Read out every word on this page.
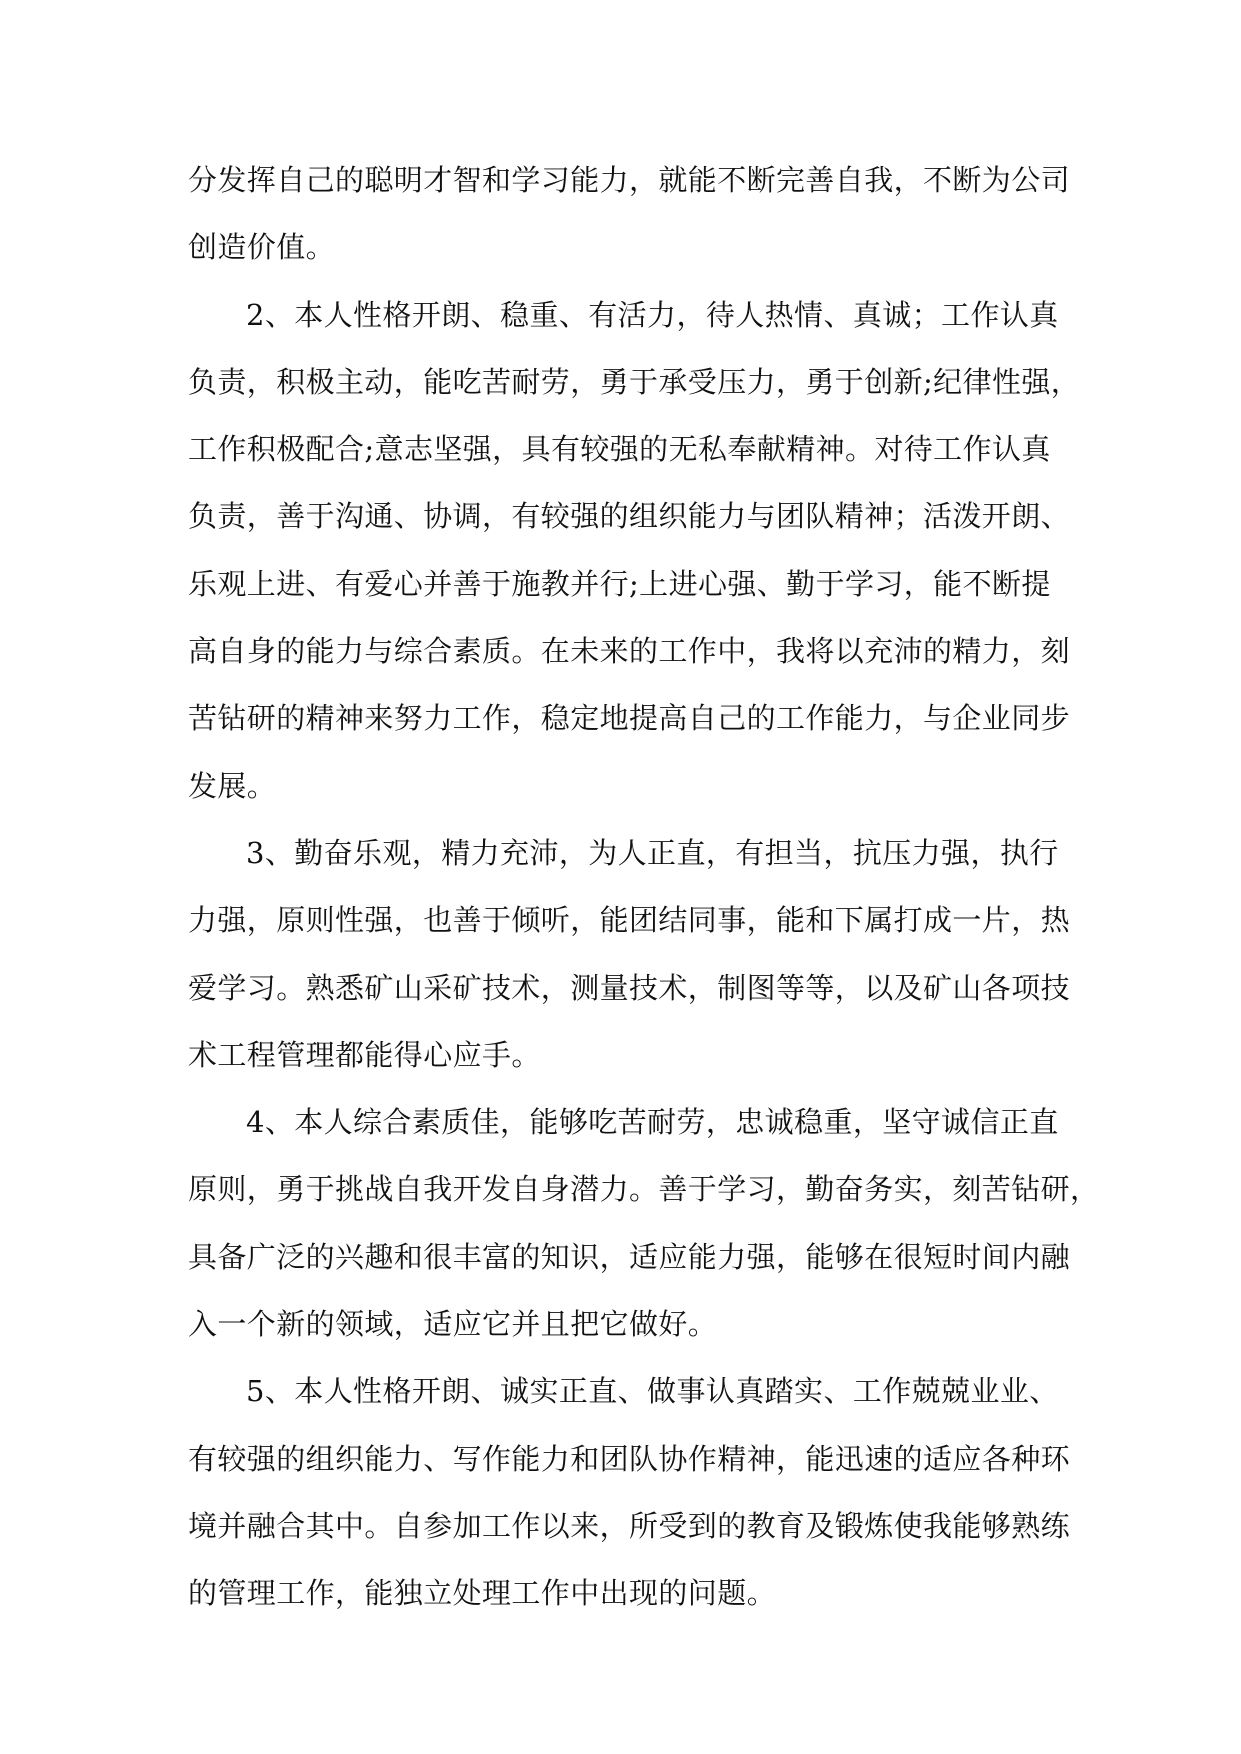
分发挥自己的聪明才智和学习能力，就能不断完善自我，不断为公司
创造价值。
2、本人性格开朗、稳重、有活力，待人热情、真诚；工作认真
负责，积极主动，能吃苦耐劳，勇于承受压力，勇于创新;纪律性强，
工作积极配合;意志坚强，具有较强的无私奉献精神。对待工作认真
负责，善于沟通、协调，有较强的组织能力与团队精神；活泼开朗、
乐观上进、有爱心并善于施教并行;上进心强、勤于学习，能不断提
高自身的能力与综合素质。在未来的工作中，我将以充沛的精力，刻
苦钻研的精神来努力工作，稳定地提高自己的工作能力，与企业同步
发展。
3、勤奋乐观，精力充沛，为人正直，有担当，抗压力强，执行
力强，原则性强，也善于倾听，能团结同事，能和下属打成一片，热
爱学习。熟悉矿山采矿技术，测量技术，制图等等，以及矿山各项技
术工程管理都能得心应手。
4、本人综合素质佳，能够吃苦耐劳，忠诚稳重，坚守诚信正直
原则，勇于挑战自我开发自身潜力。善于学习，勤奋务实，刻苦钻研，
具备广泛的兴趣和很丰富的知识，适应能力强，能够在很短时间内融
入一个新的领域，适应它并且把它做好。
5、本人性格开朗、诚实正直、做事认真踏实、工作兢兢业业、
有较强的组织能力、写作能力和团队协作精神，能迅速的适应各种环
境并融合其中。自参加工作以来，所受到的教育及锻炼使我能够熟练
的管理工作，能独立处理工作中出现的问题。
